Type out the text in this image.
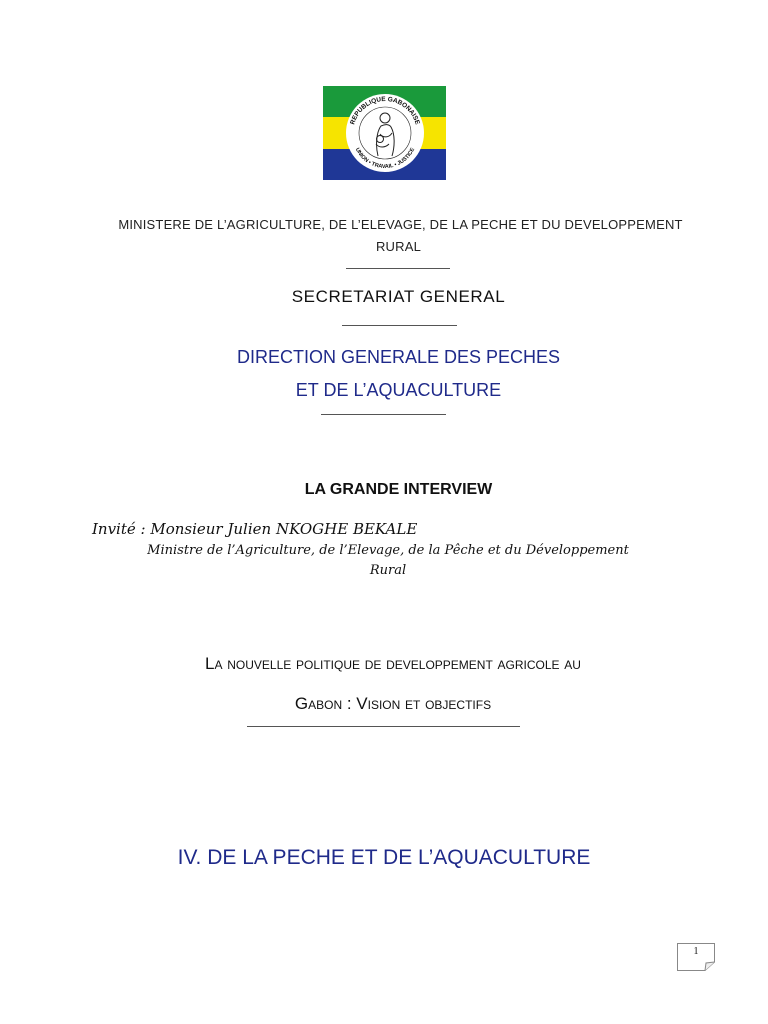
REPUBLIQUE GABONAISE
UNION • TRAVAIL • JUSTICE
MINISTERE DE L’AGRICULTURE, DE L’ELEVAGE, DE LA PECHE ET DU DEVELOPPEMENT
RURAL
SECRETARIAT GENERAL
DIRECTION GENERALE DES PECHES
ET DE L’AQUACULTURE
LA GRANDE INTERVIEW
Invité : Monsieur Julien NKOGHE BEKALE
Ministre de l’Agriculture, de l’Elevage, de la Pêche et du Développement
Rural
La nouvelle politique de developpement agricole au
Gabon : Vision et objectifs
IV. DE LA PECHE ET DE L’AQUACULTURE
1
